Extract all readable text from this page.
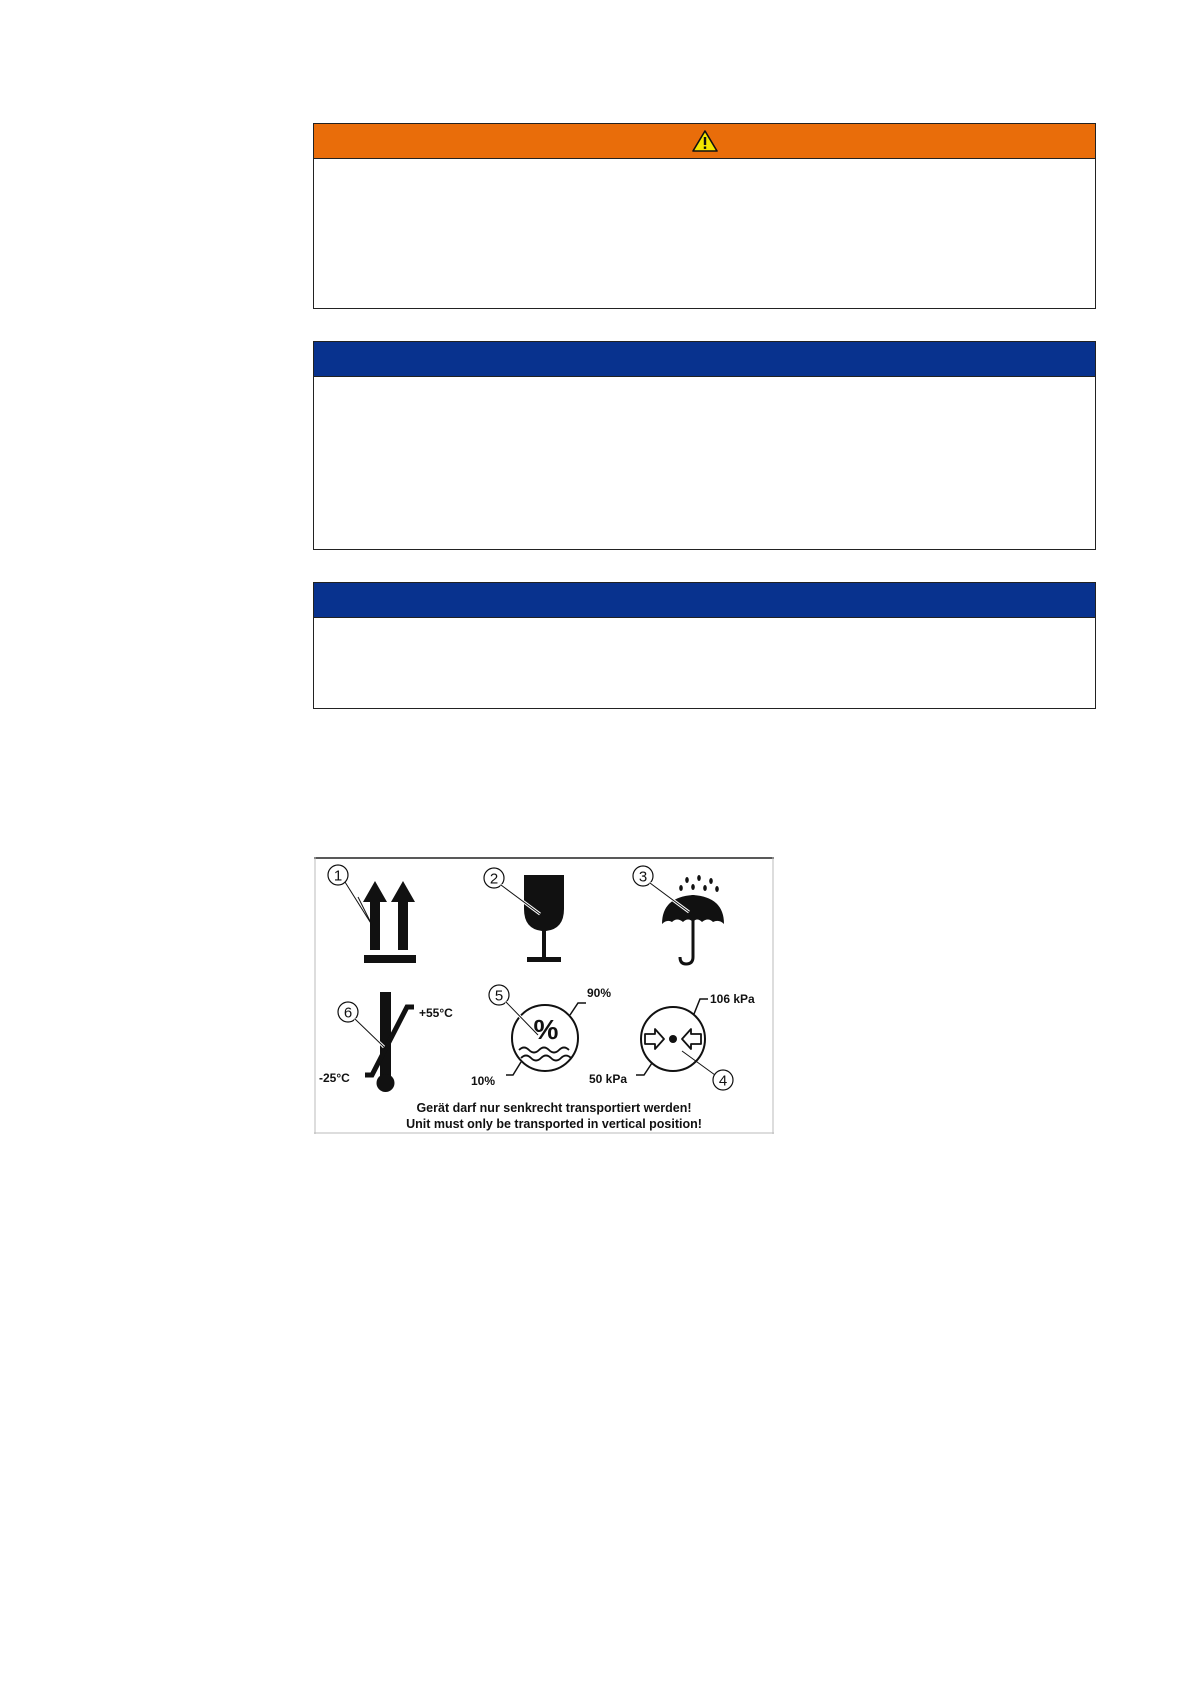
1	2	3
6	+55°C
-25°C
%
5	90%
10%	4
106 kPa
50 kPa
Gerät darf nur senkrecht transportiert werden!
Unit must only be transported in vertical position!
